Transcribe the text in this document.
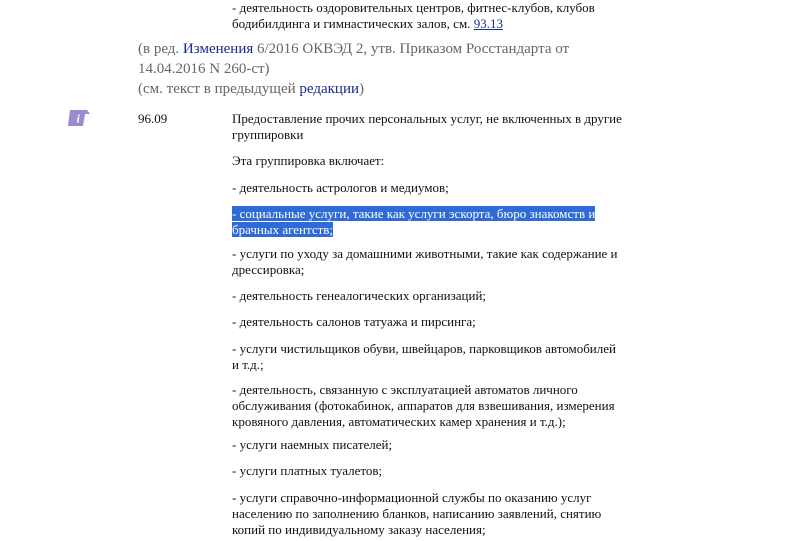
- деятельность оздоровительных центров, фитнес-клубов, клубов
бодибилдинга и гимнастических залов, см. 93.13
(в ред. Изменения 6/2016 ОКВЭД 2, утв. Приказом Росстандарта от
14.04.2016 N 260-ст)
(см. текст в предыдущей редакции)
i	96.09	Предоставление прочих персональных услуг, не включенных в другие
группировки
Эта группировка включает:
- деятельность астрологов и медиумов;
- социальные услуги, такие как услуги эскорта, бюро знакомств и
брачных агентств;
- услуги по уходу за домашними животными, такие как содержание и
дрессировка;
- деятельность генеалогических организаций;
- деятельность салонов татуажа и пирсинга;
- услуги чистильщиков обуви, швейцаров, парковщиков автомобилей
и т.д.;
- деятельность, связанную с эксплуатацией автоматов личного
обслуживания (фотокабинок, аппаратов для взвешивания, измерения
кровяного давления, автоматических камер хранения и т.д.);
- услуги наемных писателей;
- услуги платных туалетов;
- услуги справочно-информационной службы по оказанию услуг
населению по заполнению бланков, написанию заявлений, снятию
копий по индивидуальному заказу населения;
